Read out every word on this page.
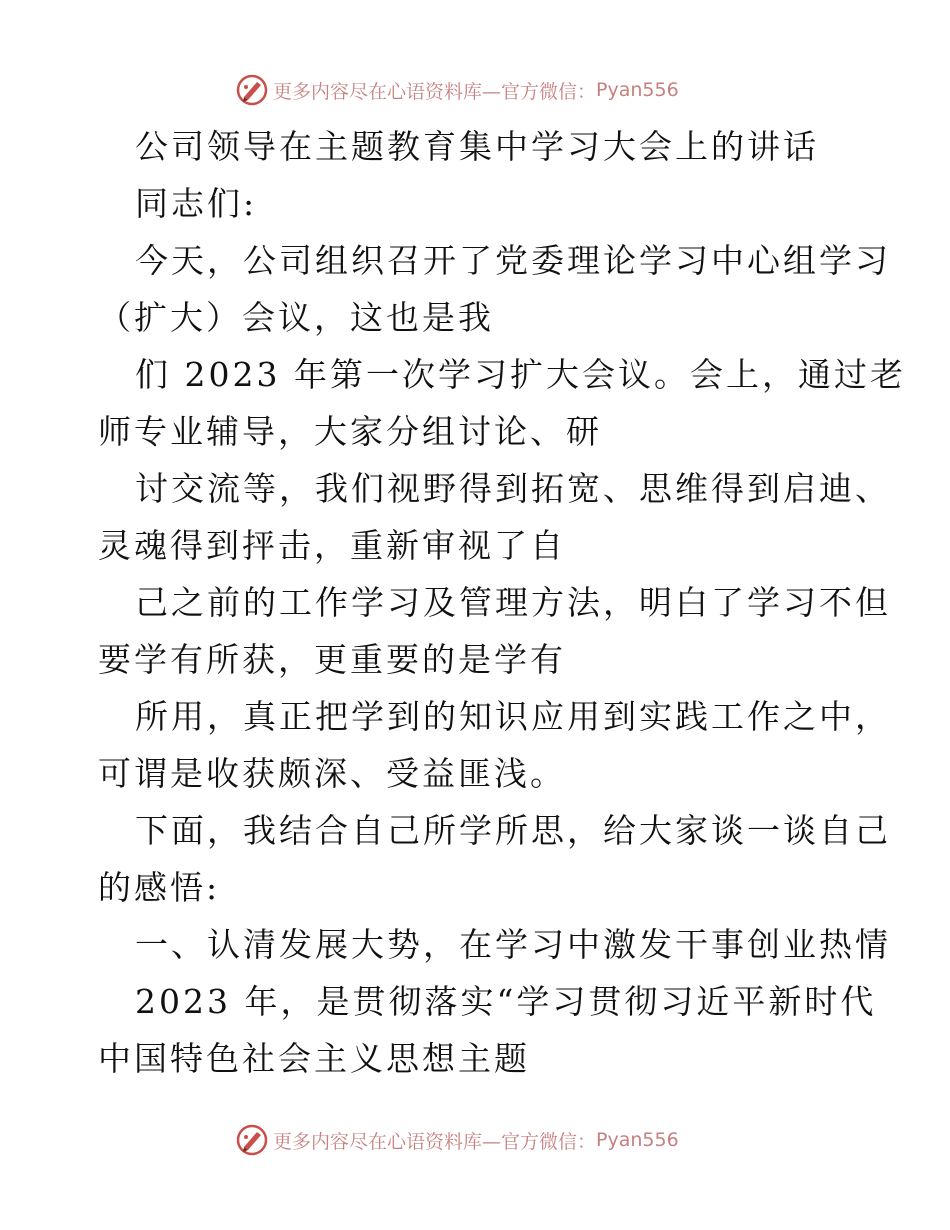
更多内容尽在心语资料库—官方微信： Pyan556

公司领导在主题教育集中学习大会上的讲话

同志们:

今天，公司组织召开了党委理论学习中心组学习

（扩大）会议，这也是我

们 2023 年第一次学习扩大会议。会上，通过老

师专业辅导，大家分组讨论、研

讨交流等，我们视野得到拓宽、思维得到启迪、

灵魂得到抨击，重新审视了自

己之前的工作学习及管理方法，明白了学习不但

要学有所获，更重要的是学有

所用，真正把学到的知识应用到实践工作之中，

可谓是收获颇深、受益匪浅。

下面，我结合自己所学所思，给大家谈一谈自己

的感悟:

一、认清发展大势，在学习中激发干事创业热情

2023 年，是贯彻落实“学习贯彻习近平新时代

中国特色社会主义思想主题

更多内容尽在心语资料库—官方微信： Pyan556
